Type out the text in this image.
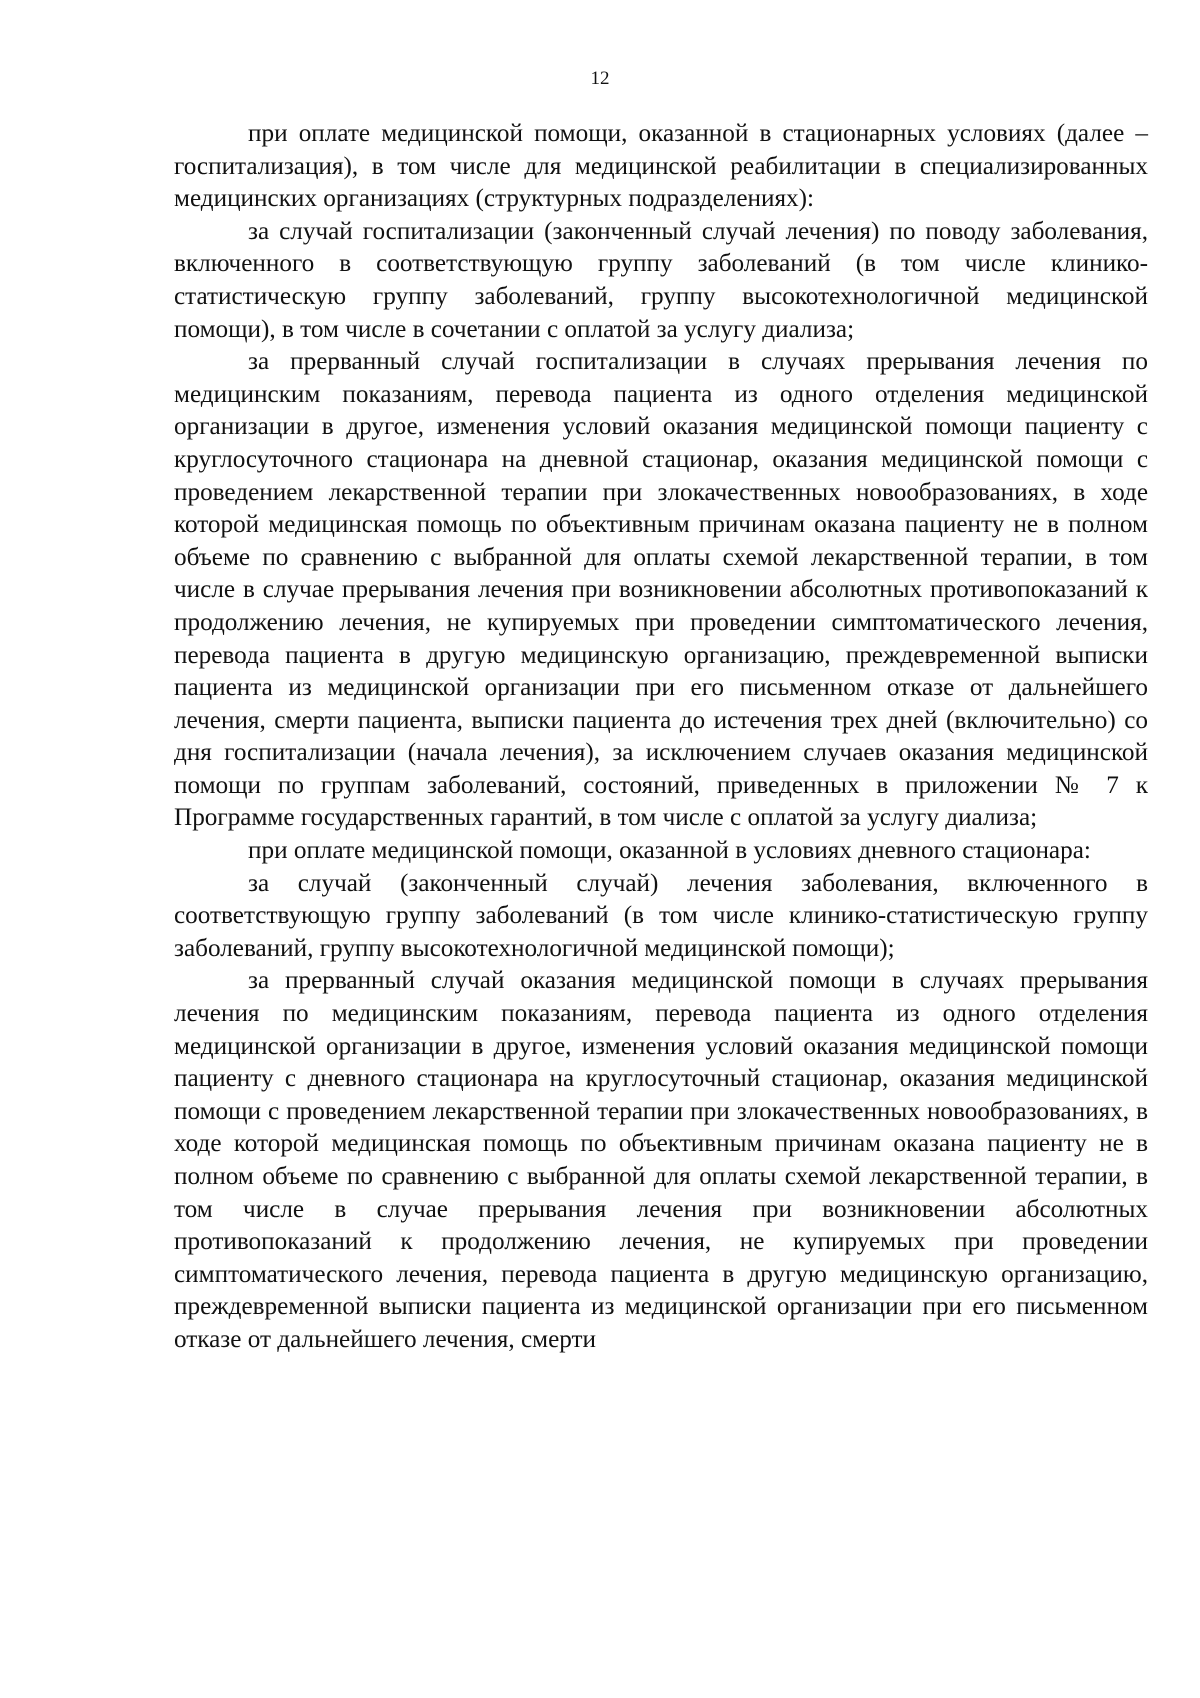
12

при оплате медицинской помощи, оказанной в стационарных условиях (далее – госпитализация), в том числе для медицинской реабилитации в специализированных медицинских организациях (структурных подразделениях):

за случай госпитализации (законченный случай лечения) по поводу заболевания, включенного в соответствующую группу заболеваний (в том числе клинико-статистическую группу заболеваний, группу высокотехнологичной медицинской помощи), в том числе в сочетании с оплатой за услугу диализа;

за прерванный случай госпитализации в случаях прерывания лечения по медицинским показаниям, перевода пациента из одного отделения медицинской организации в другое, изменения условий оказания медицинской помощи пациенту с круглосуточного стационара на дневной стационар, оказания медицинской помощи с проведением лекарственной терапии при злокачественных новообразованиях, в ходе которой медицинская помощь по объективным причинам оказана пациенту не в полном объеме по сравнению с выбранной для оплаты схемой лекарственной терапии, в том числе в случае прерывания лечения при возникновении абсолютных противопоказаний к продолжению лечения, не купируемых при проведении симптоматического лечения, перевода пациента в другую медицинскую организацию, преждевременной выписки пациента из медицинской организации при его письменном отказе от дальнейшего лечения, смерти пациента, выписки пациента до истечения трех дней (включительно) со дня госпитализации (начала лечения), за исключением случаев оказания медицинской помощи по группам заболеваний, состояний, приведенных в приложении № 7 к Программе государственных гарантий, в том числе с оплатой за услугу диализа;

при оплате медицинской помощи, оказанной в условиях дневного стационара:

за случай (законченный случай) лечения заболевания, включенного в соответствующую группу заболеваний (в том числе клинико-статистическую группу заболеваний, группу высокотехнологичной медицинской помощи);

за прерванный случай оказания медицинской помощи в случаях прерывания лечения по медицинским показаниям, перевода пациента из одного отделения медицинской организации в другое, изменения условий оказания медицинской помощи пациенту с дневного стационара на круглосуточный стационар, оказания медицинской помощи с проведением лекарственной терапии при злокачественных новообразованиях, в ходе которой медицинская помощь по объективным причинам оказана пациенту не в полном объеме по сравнению с выбранной для оплаты схемой лекарственной терапии, в том числе в случае прерывания лечения при возникновении абсолютных противопоказаний к продолжению лечения, не купируемых при проведении симптоматического лечения, перевода пациента в другую медицинскую организацию, преждевременной выписки пациента из медицинской организации при его письменном отказе от дальнейшего лечения, смерти
